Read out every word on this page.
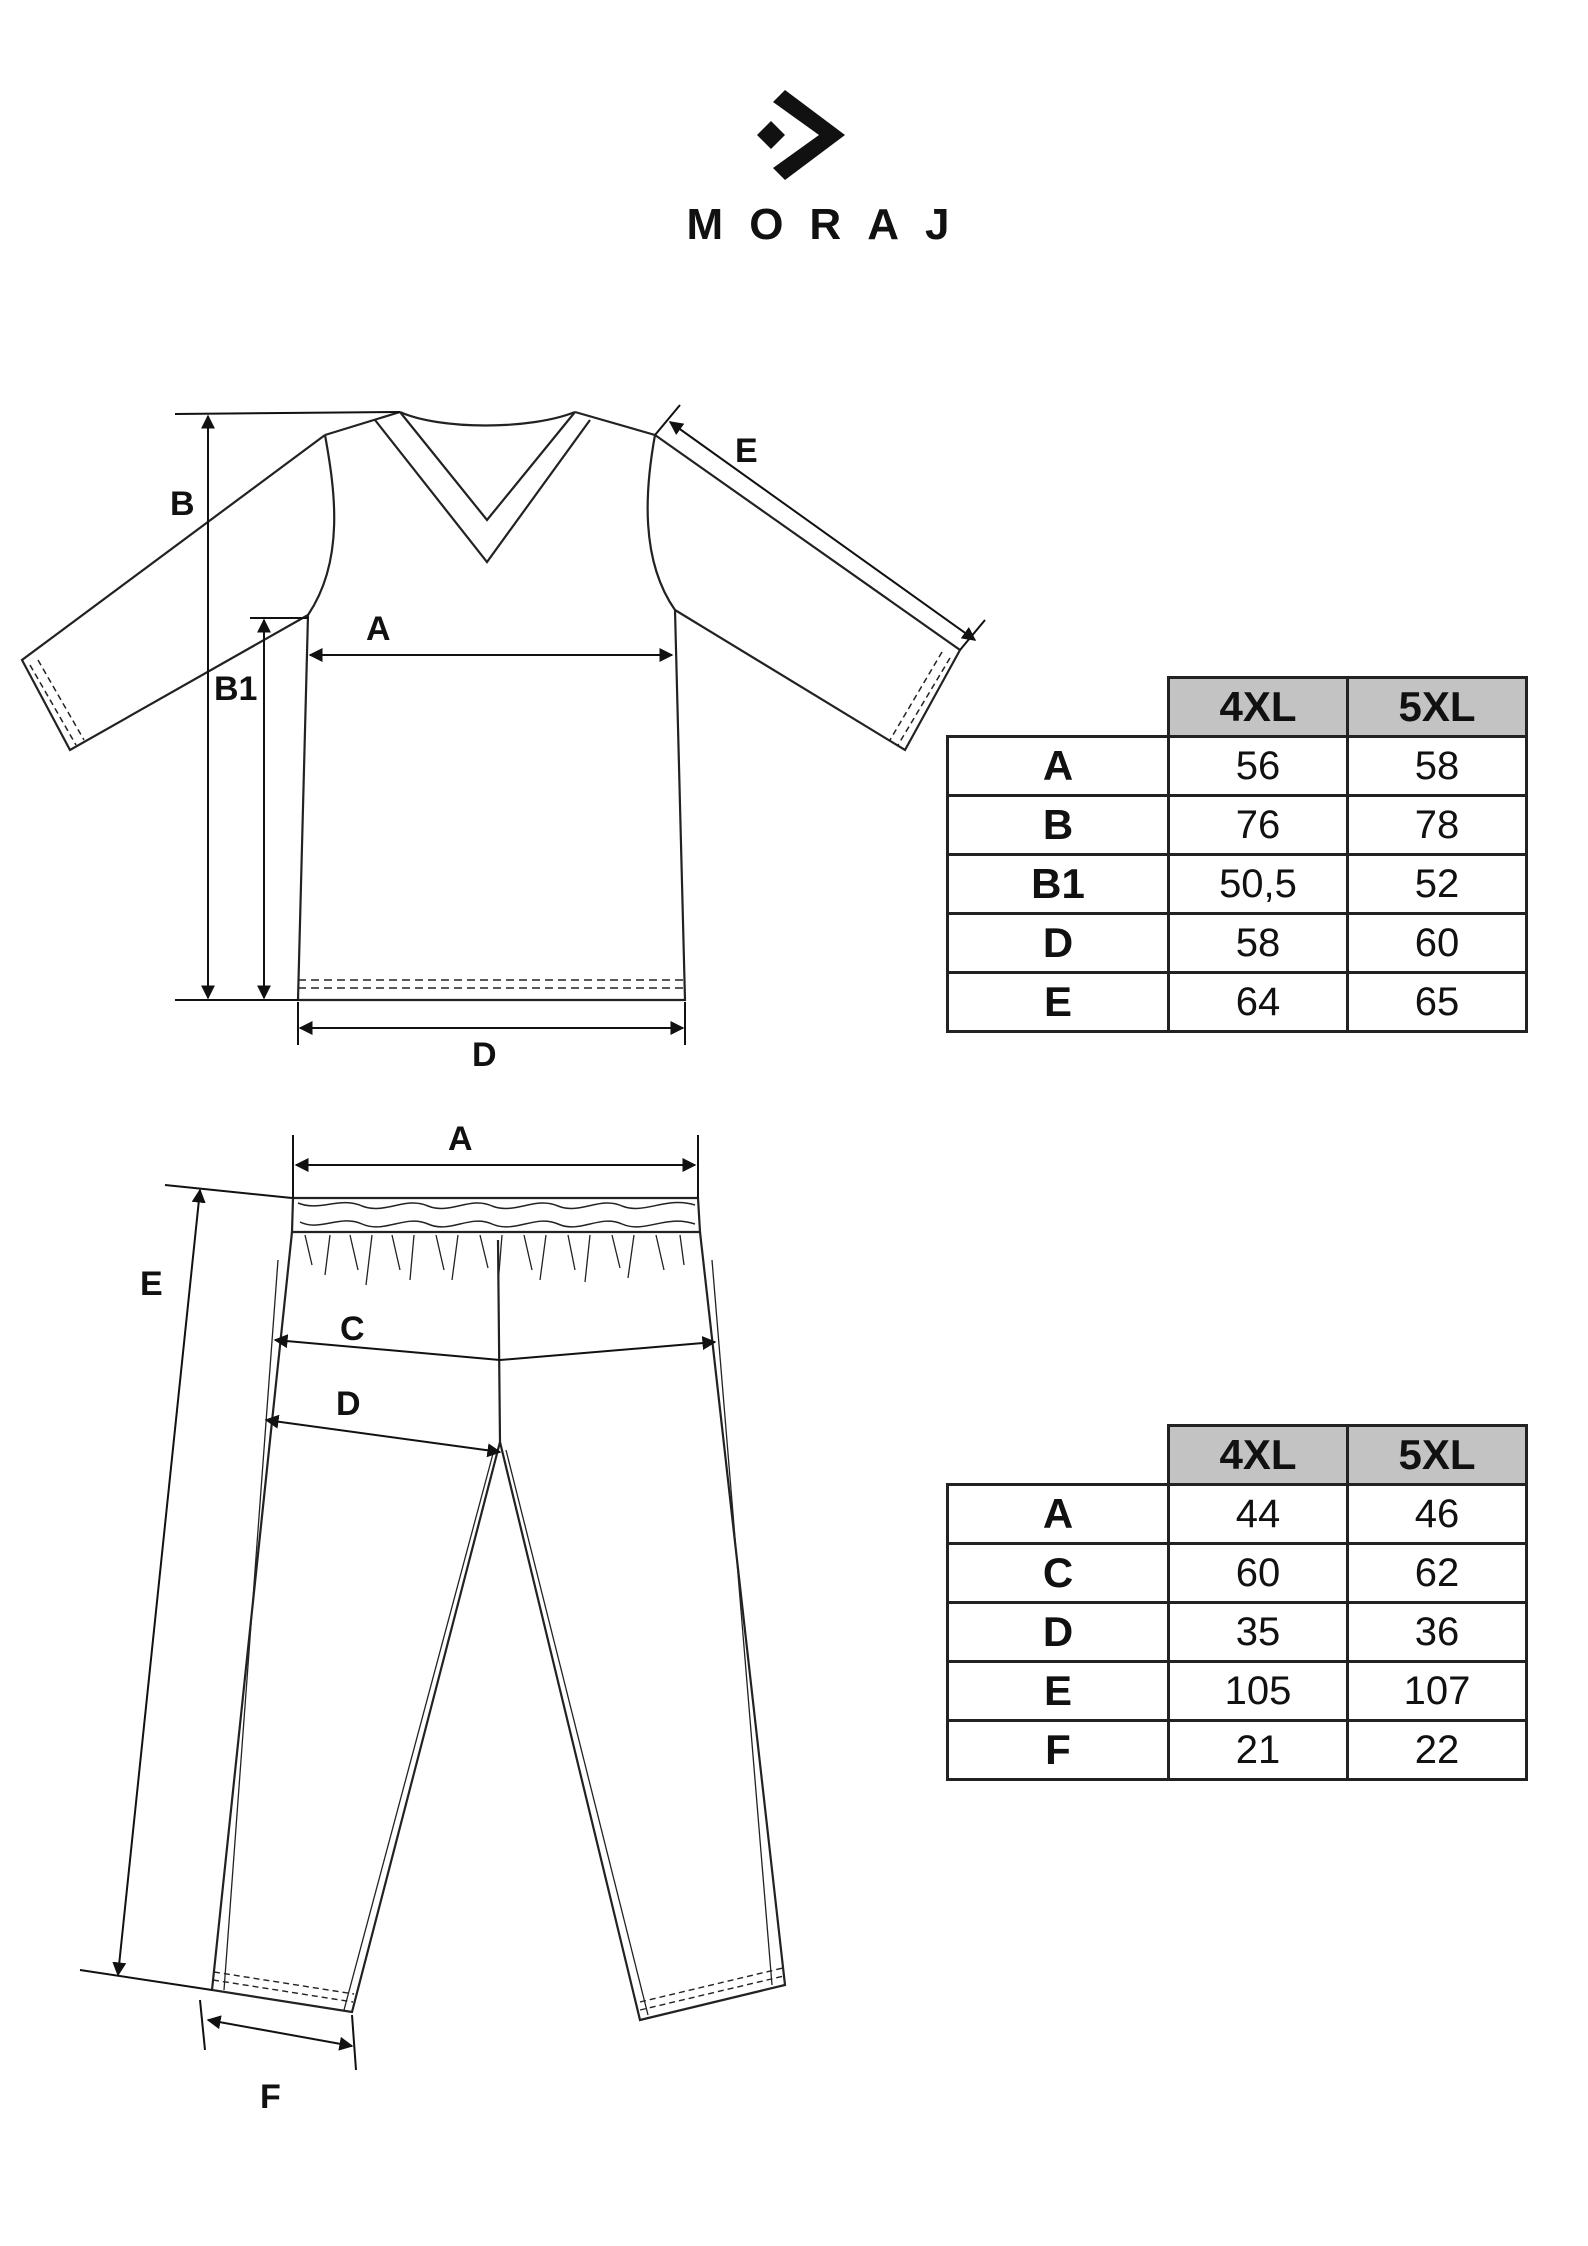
MORAJ
B
B1
A
D
E
A
E
C
D
F
	4XL	5XL
A	56	58
B	76	78
B1	50,5	52
D	58	60
E	64	65
	4XL	5XL
A	44	46
C	60	62
D	35	36
E	105	107
F	21	22
